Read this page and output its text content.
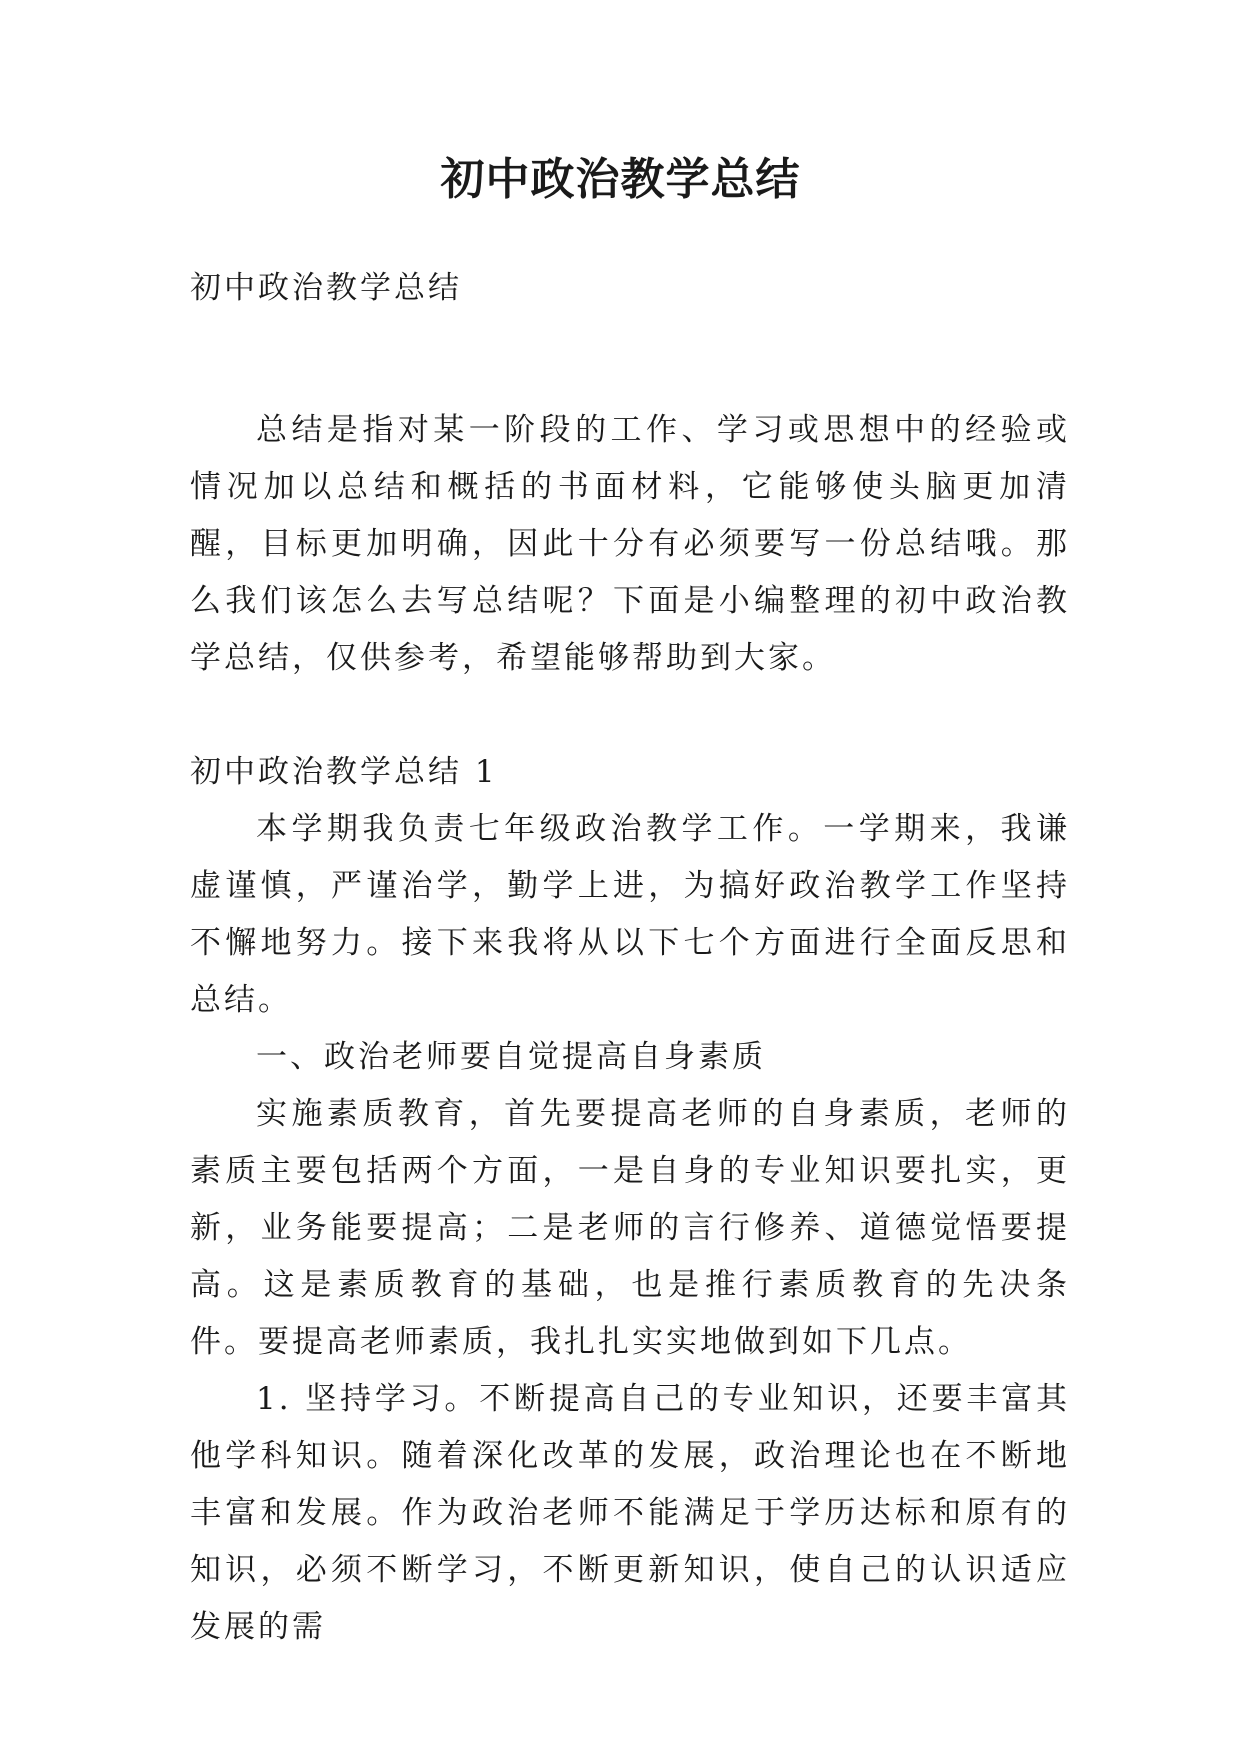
初中政治教学总结

初中政治教学总结

总结是指对某一阶段的工作、学习或思想中的经验或情况加以总结和概括的书面材料，它能够使头脑更加清醒，目标更加明确，因此十分有必须要写一份总结哦。那么我们该怎么去写总结呢？下面是小编整理的初中政治教学总结，仅供参考，希望能够帮助到大家。

初中政治教学总结 1

本学期我负责七年级政治教学工作。一学期来，我谦虚谨慎，严谨治学，勤学上进，为搞好政治教学工作坚持不懈地努力。接下来我将从以下七个方面进行全面反思和总结。

一、政治老师要自觉提高自身素质

实施素质教育，首先要提高老师的自身素质，老师的素质主要包括两个方面，一是自身的专业知识要扎实，更新，业务能要提高；二是老师的言行修养、道德觉悟要提高。这是素质教育的基础，也是推行素质教育的先决条件。要提高老师素质，我扎扎实实地做到如下几点。

1. 坚持学习。不断提高自己的专业知识，还要丰富其他学科知识。随着深化改革的发展，政治理论也在不断地丰富和发展。作为政治老师不能满足于学历达标和原有的知识，必须不断学习，不断更新知识，使自己的认识适应发展的需
